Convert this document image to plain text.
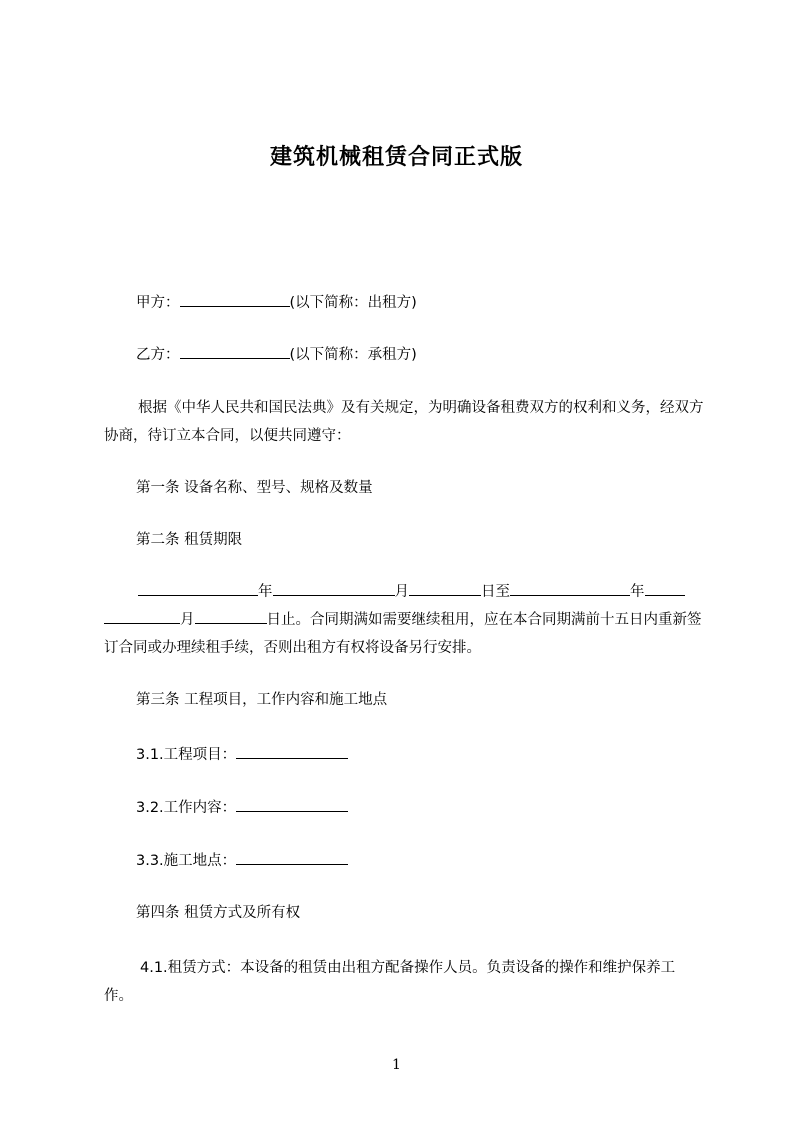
建筑机械租赁合同正式版
甲方：	(以下简称：出租方)
乙方：	(以下简称：承租方)
根据《中华人民共和国民法典》及有关规定，为明确设备租费双方的权利和义务，经双方协商，待订立本合同，以便共同遵守：
第一条 设备名称、型号、规格及数量
第二条 租赁期限
年	月	日至	年月	日止。合同期满如需要继续租用，应在本合同期满前十五日内重新签订合同或办理续租手续，否则出租方有权将设备另行安排。
第三条 工程项目，工作内容和施工地点
3.1.工程项目：
3.2.工作内容：
3.3.施工地点：
第四条 租赁方式及所有权
4.1.租赁方式：本设备的租赁由出租方配备操作人员。负责设备的操作和维护保养工作。
1
